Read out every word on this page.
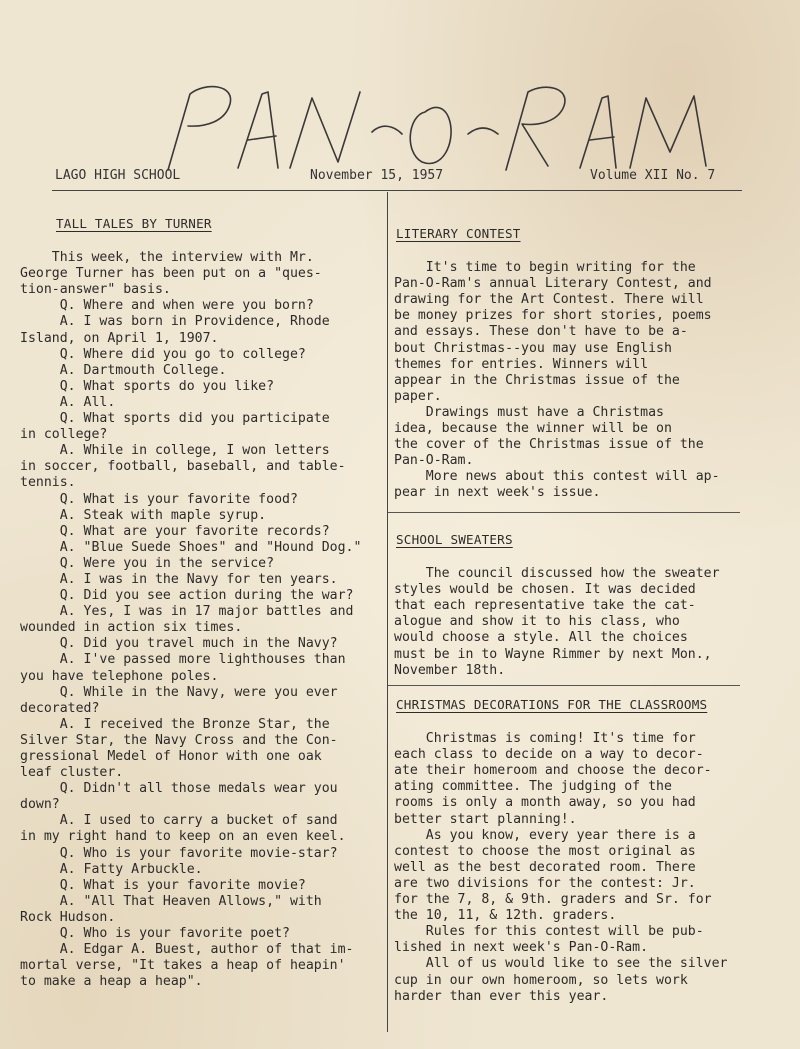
LAGO HIGH SCHOOL	November 15, 1957	Volume XII No. 7
TALL TALES BY TURNER
This week, the interview with Mr.
George Turner has been put on a "ques-
tion-answer" basis.
Q. Where and when were you born?
A. I was born in Providence, Rhode
Island, on April 1, 1907.
Q. Where did you go to college?
A. Dartmouth College.
Q. What sports do you like?
A. All.
Q. What sports did you participate
in college?
A. While in college, I won letters
in soccer, football, baseball, and table-
tennis.
Q. What is your favorite food?
A. Steak with maple syrup.
Q. What are your favorite records?
A. "Blue Suede Shoes" and "Hound Dog."
Q. Were you in the service?
A. I was in the Navy for ten years.
Q. Did you see action during the war?
A. Yes, I was in 17 major battles and
wounded in action six times.
Q. Did you travel much in the Navy?
A. I've passed more lighthouses than
you have telephone poles.
Q. While in the Navy, were you ever
decorated?
A. I received the Bronze Star, the
Silver Star, the Navy Cross and the Con-
gressional Medel of Honor with one oak
leaf cluster.
Q. Didn't all those medals wear you
down?
A. I used to carry a bucket of sand
in my right hand to keep on an even keel.
Q. Who is your favorite movie-star?
A. Fatty Arbuckle.
Q. What is your favorite movie?
A. "All That Heaven Allows," with
Rock Hudson.
Q. Who is your favorite poet?
A. Edgar A. Buest, author of that im-
mortal verse, "It takes a heap of heapin'
to make a heap a heap".
LITERARY CONTEST
It's time to begin writing for the
Pan-O-Ram's annual Literary Contest, and
drawing for the Art Contest. There will
be money prizes for short stories, poems
and essays. These don't have to be a-
bout Christmas--you may use English
themes for entries. Winners will
appear in the Christmas issue of the
paper.
Drawings must have a Christmas
idea, because the winner will be on
the cover of the Christmas issue of the
Pan-O-Ram.
More news about this contest will ap-
pear in next week's issue.
SCHOOL SWEATERS
The council discussed how the sweater
styles would be chosen. It was decided
that each representative take the cat-
alogue and show it to his class, who
would choose a style. All the choices
must be in to Wayne Rimmer by next Mon.,
November 18th.
CHRISTMAS DECORATIONS FOR THE CLASSROOMS
Christmas is coming! It's time for
each class to decide on a way to decor-
ate their homeroom and choose the decor-
ating committee. The judging of the
rooms is only a month away, so you had
better start planning!.
As you know, every year there is a
contest to choose the most original as
well as the best decorated room. There
are two divisions for the contest: Jr.
for the 7, 8, & 9th. graders and Sr. for
the 10, 11, & 12th. graders.
Rules for this contest will be pub-
lished in next week's Pan-O-Ram.
All of us would like to see the silver
cup in our own homeroom, so lets work
harder than ever this year.
